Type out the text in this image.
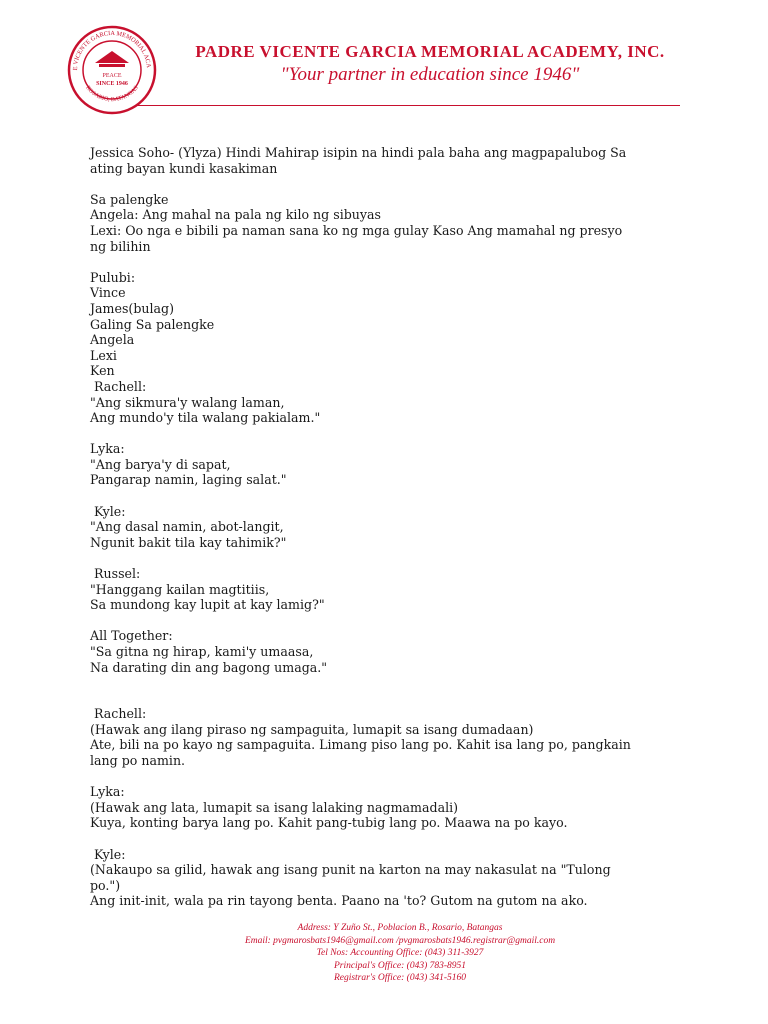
E VICENTE GARCIA MEMORIAL ACA
ROSARIO, BATANGAS
PEACE
SINCE 1946
PADRE VICENTE GARCIA MEMORIAL ACADEMY, INC.
"Your partner in education since 1946"
Jessica Soho- (Ylyza) Hindi Mahirap isipin na hindi pala baha ang magpapalubog Sa
ating bayan kundi kasakiman
Sa palengke
Angela: Ang mahal na pala ng kilo ng sibuyas
Lexi: Oo nga e bibili pa naman sana ko ng mga gulay Kaso Ang mamahal ng presyo
ng bilihin
Pulubi:
Vince
James(bulag)
Galing Sa palengke
Angela
Lexi
Ken
Rachell:
"Ang sikmura'y walang laman,
Ang mundo'y tila walang pakialam."
Lyka:
"Ang barya'y di sapat,
Pangarap namin, laging salat."
Kyle:
"Ang dasal namin, abot-langit,
Ngunit bakit tila kay tahimik?"
Russel:
"Hanggang kailan magtitiis,
Sa mundong kay lupit at kay lamig?"
All Together:
"Sa gitna ng hirap, kami'y umaasa,
Na darating din ang bagong umaga."
Rachell:
(Hawak ang ilang piraso ng sampaguita, lumapit sa isang dumadaan)
Ate, bili na po kayo ng sampaguita. Limang piso lang po. Kahit isa lang po, pangkain
lang po namin.
Lyka:
(Hawak ang lata, lumapit sa isang lalaking nagmamadali)
Kuya, konting barya lang po. Kahit pang-tubig lang po. Maawa na po kayo.
Kyle:
(Nakaupo sa gilid, hawak ang isang punit na karton na may nakasulat na "Tulong
po.")
Ang init-init, wala pa rin tayong benta. Paano na 'to? Gutom na gutom na ako.
Address: Y Zuño St., Poblacion B., Rosario, Batangas
Email: pvgmarosbats1946@gmail.com /pvgmarosbats1946.registrar@gmail.com
Tel Nos: Accounting Office: (043) 311-3927
Principal's Office: (043) 783-8951
Registrar's Office: (043) 341-5160
